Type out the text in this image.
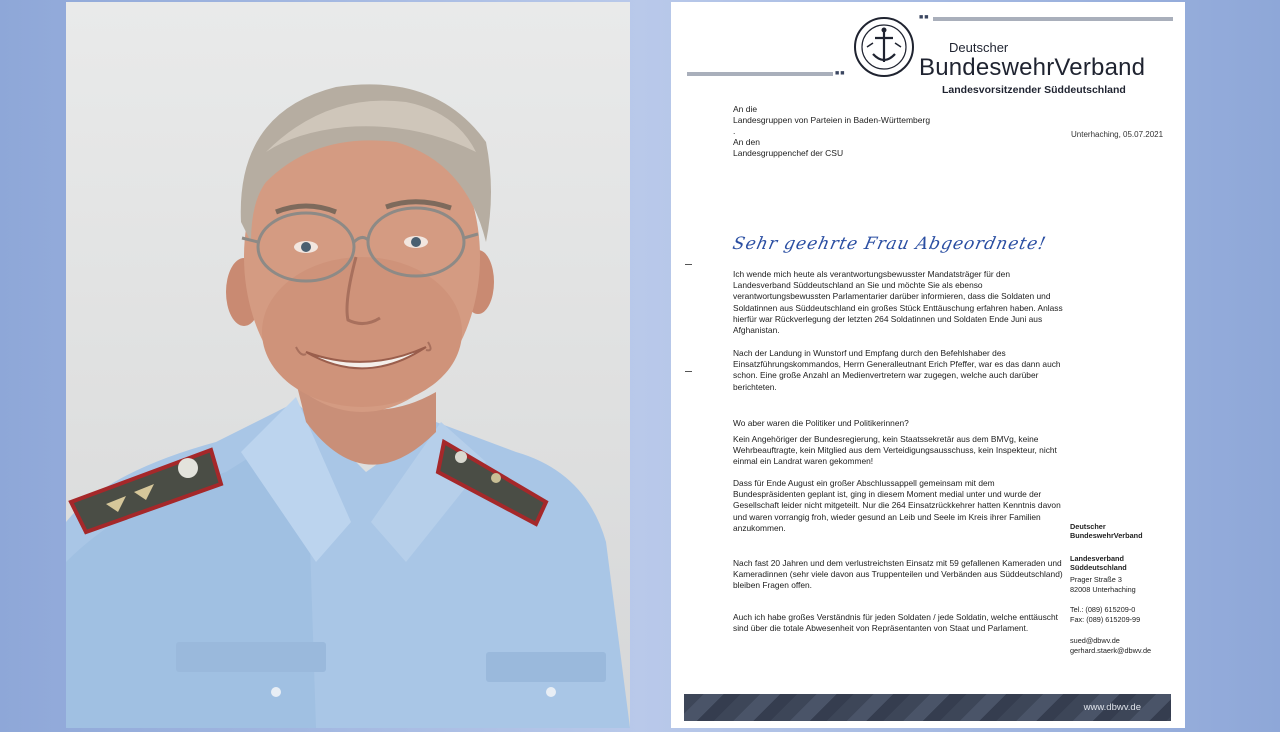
■■
■■
Deutscher
BundeswehrVerband
Landesvorsitzender Süddeutschland
An die
Landesgruppen von Parteien in Baden-Württemberg
.
An den
Landesgruppenchef der CSU
Unterhaching, 05.07.2021
Sehr geehrte Frau Abgeordnete!

Ich wende mich heute als verantwortungsbewusster Mandatsträger für den Landesverband Süddeutschland an Sie und möchte Sie als ebenso verantwortungsbewussten Parlamentarier darüber informieren, dass die Soldaten und Soldatinnen aus Süddeutschland ein großes Stück Enttäuschung erfahren haben. Anlass hierfür war Rückverlegung der letzten 264 Soldatinnen und Soldaten Ende Juni aus Afghanistan.

Nach der Landung in Wunstorf und Empfang durch den Befehlshaber des Einsatzführungskommandos, Herrn Generalleutnant Erich Pfeffer, war es das dann auch schon. Eine große Anzahl an Medienvertretern war zugegen, welche auch darüber berichteten.

Wo aber waren die Politiker und Politikerinnen?

Kein Angehöriger der Bundesregierung, kein Staatssekretär aus dem BMVg, keine Wehrbeauftragte, kein Mitglied aus dem Verteidigungsausschuss, kein Inspekteur, nicht einmal ein Landrat waren gekommen!

Dass für Ende August ein großer Abschlussappell gemeinsam mit dem Bundespräsidenten geplant ist, ging in diesem Moment medial unter und wurde der Gesellschaft leider nicht mitgeteilt. Nur die 264 Einsatzrückkehrer hatten Kenntnis davon und waren vorrangig froh, wieder gesund an Leib und Seele im Kreis ihrer Familien anzukommen.

Nach fast 20 Jahren und dem verlustreichsten Einsatz mit 59 gefallenen Kameraden und Kameradinnen (sehr viele davon aus Truppenteilen und Verbänden aus Süddeutschland) bleiben Fragen offen.

Auch ich habe großes Verständnis für jeden Soldaten / jede Soldatin, welche enttäuscht sind über die totale Abwesenheit von Repräsentanten von Staat und Parlament.

Deutscher
BundeswehrVerband
Landesverband
Süddeutschland
Prager Straße 3
82008 Unterhaching
Tel.: (089) 615209-0
Fax: (089) 615209-99
sued@dbwv.de
gerhard.staerk@dbwv.de
www.dbwv.de
